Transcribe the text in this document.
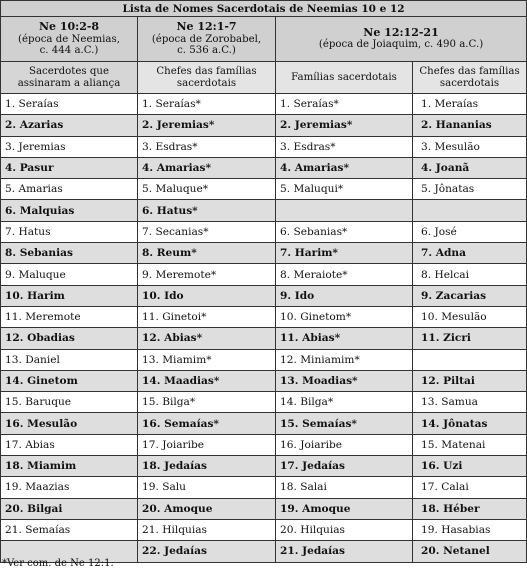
Lista de Nomes Sacerdotais de Neemias 10 e 12			

Ne 10:2-8
(época de Neemias,
c. 444 a.C.)	Ne 12:1-7
(época de Zorobabel,
c. 536 a.C.)	Ne 12:12-21
(época de Joiaquim, c. 490 a.C.)	

Sacerdotes que assinaram a aliança	Chefes das famílias sacerdotais	Famílias sacerdotais	Chefes das famílias sacerdotais
1. Seraías	1. Seraías*	1. Seraías*	1. Meraías
2. Azarias	2. Jeremias*	2. Jeremias*	2. Hananias
3. Jeremias	3. Esdras*	3. Esdras*	3. Mesulão
4. Pasur	4. Amarias*	4. Amarias*	4. Joanã
5. Amarias	5. Maluque*	5. Maluqui*	5. Jônatas
6. Malquias	6. Hatus*		
7. Hatus	7. Secanias*	6. Sebanias*	6. José
8. Sebanias	8. Reum*	7. Harim*	7. Adna
9. Maluque	9. Meremote*	8. Meraiote*	8. Helcai
10. Harim	10. Ido	9. Ido	9. Zacarias
11. Meremote	11. Ginetoi*	10. Ginetom*	10. Mesulão
12. Obadias	12. Abias*	11. Abias*	11. Zicri
13. Daniel	13. Miamim*	12. Miniamim*	
14. Ginetom	14. Maadias*	13. Moadias*	12. Piltai
15. Baruque	15. Bilga*	14. Bilga*	13. Samua
16. Mesulão	16. Semaías*	15. Semaías*	14. Jônatas
17. Abias	17. Joiaribe	16. Joiaribe	15. Matenai
18. Miamim	18. Jedaías	17. Jedaías	16. Uzi
19. Maazias	19. Salu	18. Salai	17. Calai
20. Bilgai	20. Amoque	19. Amoque	18. Héber
21. Semaías	21. Hilquias	20. Hilquias	19. Hasabias
	22. Jedaías	21. Jedaías	20. Netanel
*Ver com. de Ne 12:1.
